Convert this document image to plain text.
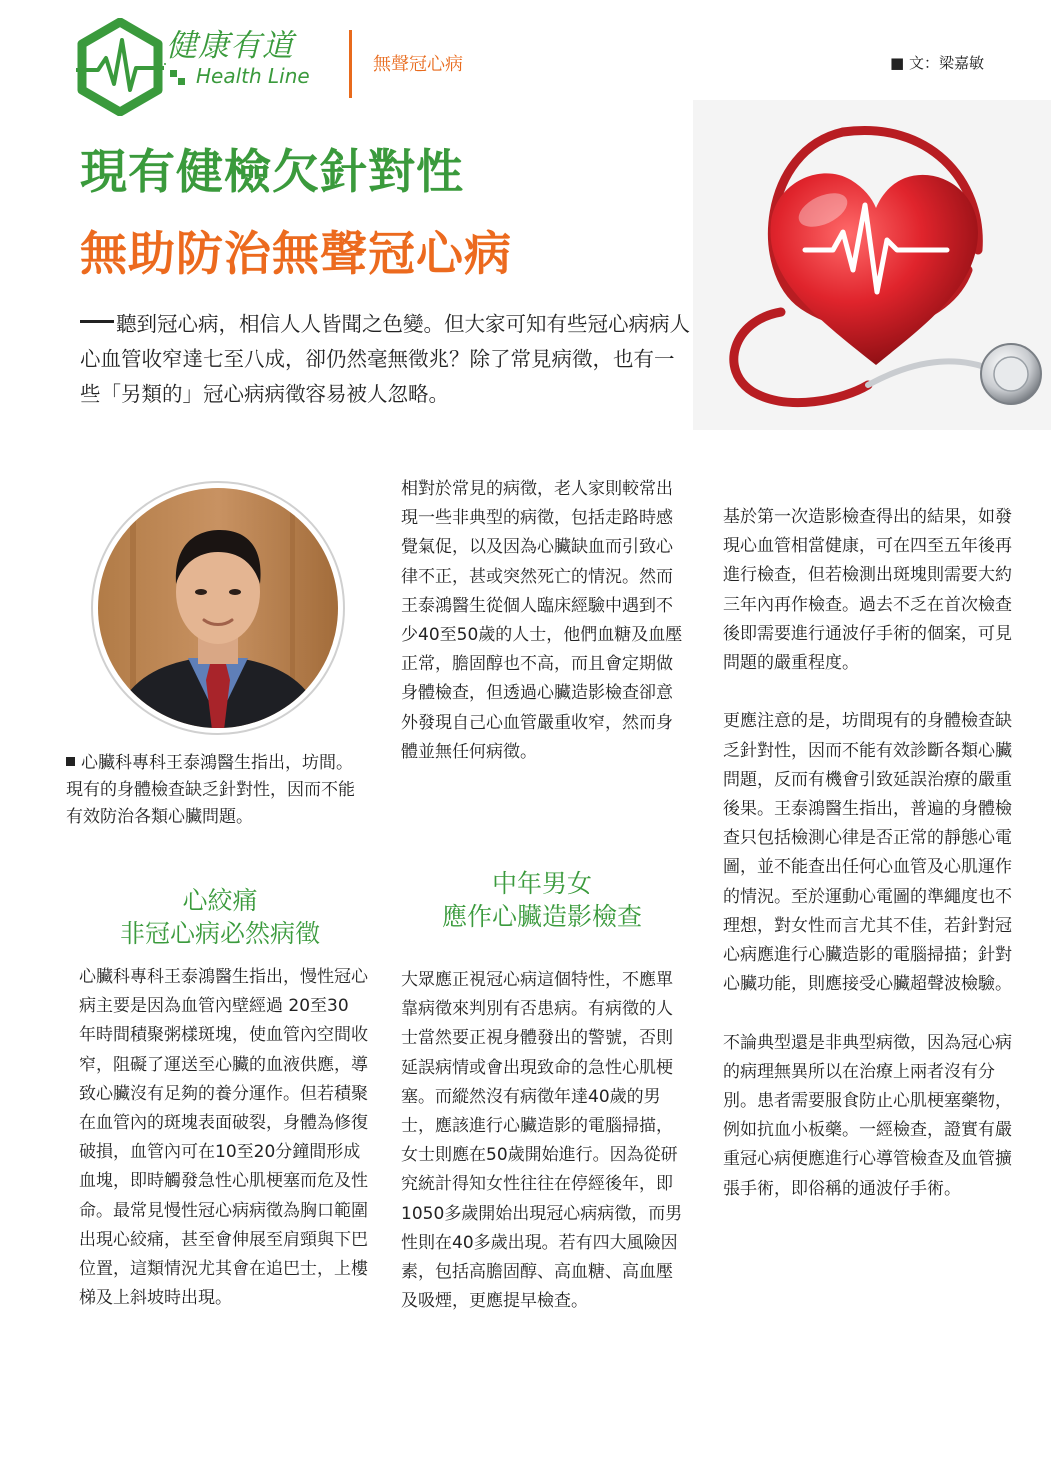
健康有道
Health Line	無聲冠心病	■ 文：梁嘉敏
現有健檢欠針對性
無助防治無聲冠心病
聽到冠心病，相信人人皆聞之色變。但大家可知有些冠心病病人心血管收窄達七至八成，卻仍然毫無徵兆？除了常見病徵，也有一些「另類的」冠心病病徵容易被人忽略。
心臟科專科王泰鴻醫生指出，坊間。現有的身體檢查缺乏針對性，因而不能有效防治各類心臟問題。
心絞痛
非冠心病必然病徵
中年男女
應作心臟造影檢查

心臟科專科王泰鴻醫生指出，慢性冠心病主要是因為血管內壁經過 20至30 年時間積聚粥樣斑塊，使血管內空間收窄，阻礙了運送至心臟的血液供應，導致心臟沒有足夠的養分運作。但若積聚在血管內的斑塊表面破裂，身體為修復破損，血管內可在10至20分鐘間形成血塊，即時觸發急性心肌梗塞而危及性命。最常見慢性冠心病病徵為胸口範圍出現心絞痛，甚至會伸展至肩頸與下巴位置，這類情況尤其會在追巴士，上樓梯及上斜坡時出現。

相對於常見的病徵，老人家則較常出現一些非典型的病徵，包括走路時感覺氣促，以及因為心臟缺血而引致心律不正，甚或突然死亡的情況。然而王泰鴻醫生從個人臨床經驗中遇到不少40至50歲的人士，他們血糖及血壓正常，膽固醇也不高，而且會定期做身體檢查，但透過心臟造影檢查卻意外發現自己心血管嚴重收窄，然而身體並無任何病徵。

大眾應正視冠心病這個特性，不應單靠病徵來判別有否患病。有病徵的人士當然要正視身體發出的警號，否則延誤病情或會出現致命的急性心肌梗塞。而縱然沒有病徵年達40歲的男士，應該進行心臟造影的電腦掃描，女士則應在50歲開始進行。因為從研究統計得知女性往往在停經後年，即1050多歲開始出現冠心病病徵，而男性則在40多歲出現。若有四大風險因素，包括高膽固醇、高血糖、高血壓及吸煙，更應提早檢查。

基於第一次造影檢查得出的結果，如發現心血管相當健康，可在四至五年後再進行檢查，但若檢測出斑塊則需要大約三年內再作檢查。過去不乏在首次檢查後即需要進行通波仔手術的個案，可見問題的嚴重程度。

更應注意的是，坊間現有的身體檢查缺乏針對性，因而不能有效診斷各類心臟問題，反而有機會引致延誤治療的嚴重後果。王泰鴻醫生指出，普遍的身體檢查只包括檢測心律是否正常的靜態心電圖，並不能查出任何心血管及心肌運作的情況。至於運動心電圖的準繩度也不理想，對女性而言尤其不佳，若針對冠心病應進行心臟造影的電腦掃描；針對心臟功能，則應接受心臟超聲波檢驗。

不論典型還是非典型病徵，因為冠心病的病理無異所以在治療上兩者沒有分別。患者需要服食防止心肌梗塞藥物，例如抗血小板藥。一經檢查，證實有嚴重冠心病便應進行心導管檢查及血管擴張手術，即俗稱的通波仔手術。
